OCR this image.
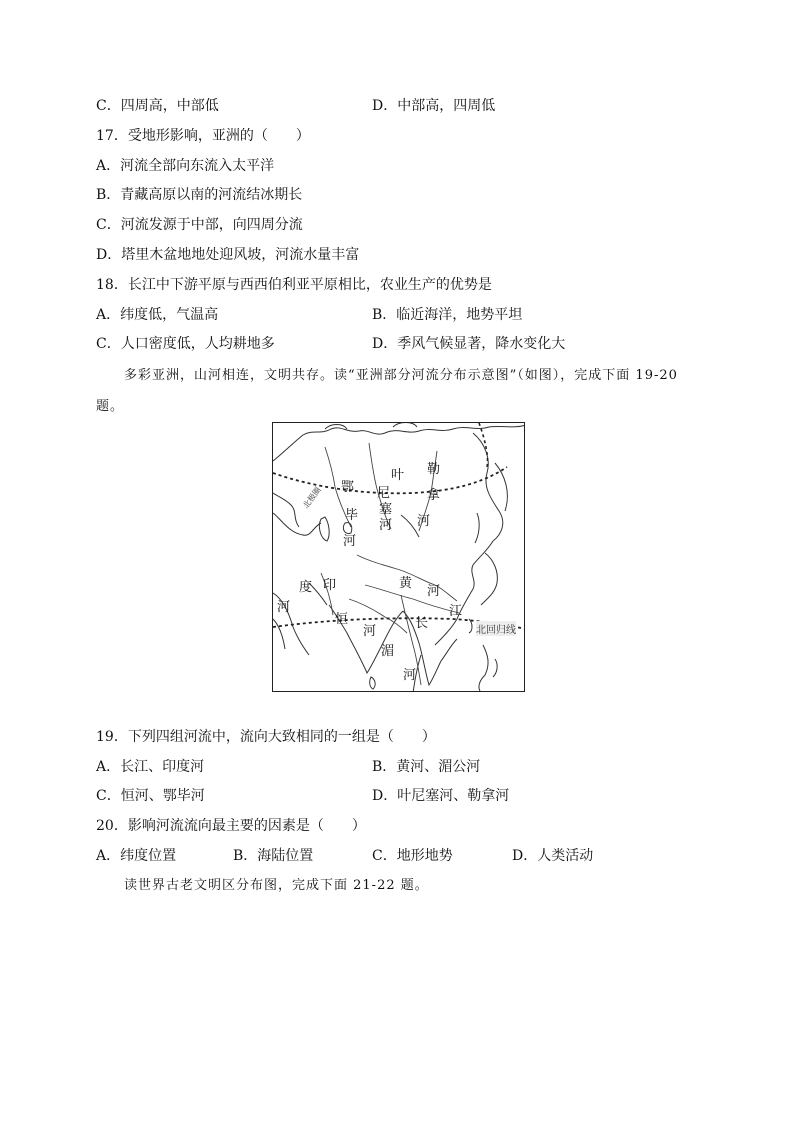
C．四周高，中部低	D．中部高，四周低
17．受地形影响，亚洲的（　　）
A．河流全部向东流入太平洋
B．青藏高原以南的河流结冰期长
C．河流发源于中部，向四周分流
D．塔里木盆地地处迎风坡，河流水量丰富
18．长江中下游平原与西西伯利亚平原相比，农业生产的优势是
A．纬度低，气温高	B．临近海洋，地势平坦
C．人口密度低，人均耕地多	D．季风气候显著，降水变化大
多彩亚洲，山河相连，文明共存。读“亚洲部分河流分布示意图”（如图），完成下面 19-20
题。
北极圈 鄂
毕
河
叶
尼
塞
河
勒
拿
河
印
度
河
恒
河
黄
河
长
江
湄
河
北回归线
19．下列四组河流中，流向大致相同的一组是（　　）
A．长江、印度河	B．黄河、湄公河
C．恒河、鄂毕河	D．叶尼塞河、勒拿河
20．影响河流流向最主要的因素是（　　）
A．纬度位置	B．海陆位置	C．地形地势	D．人类活动
读世界古老文明区分布图，完成下面 21-22 题。
